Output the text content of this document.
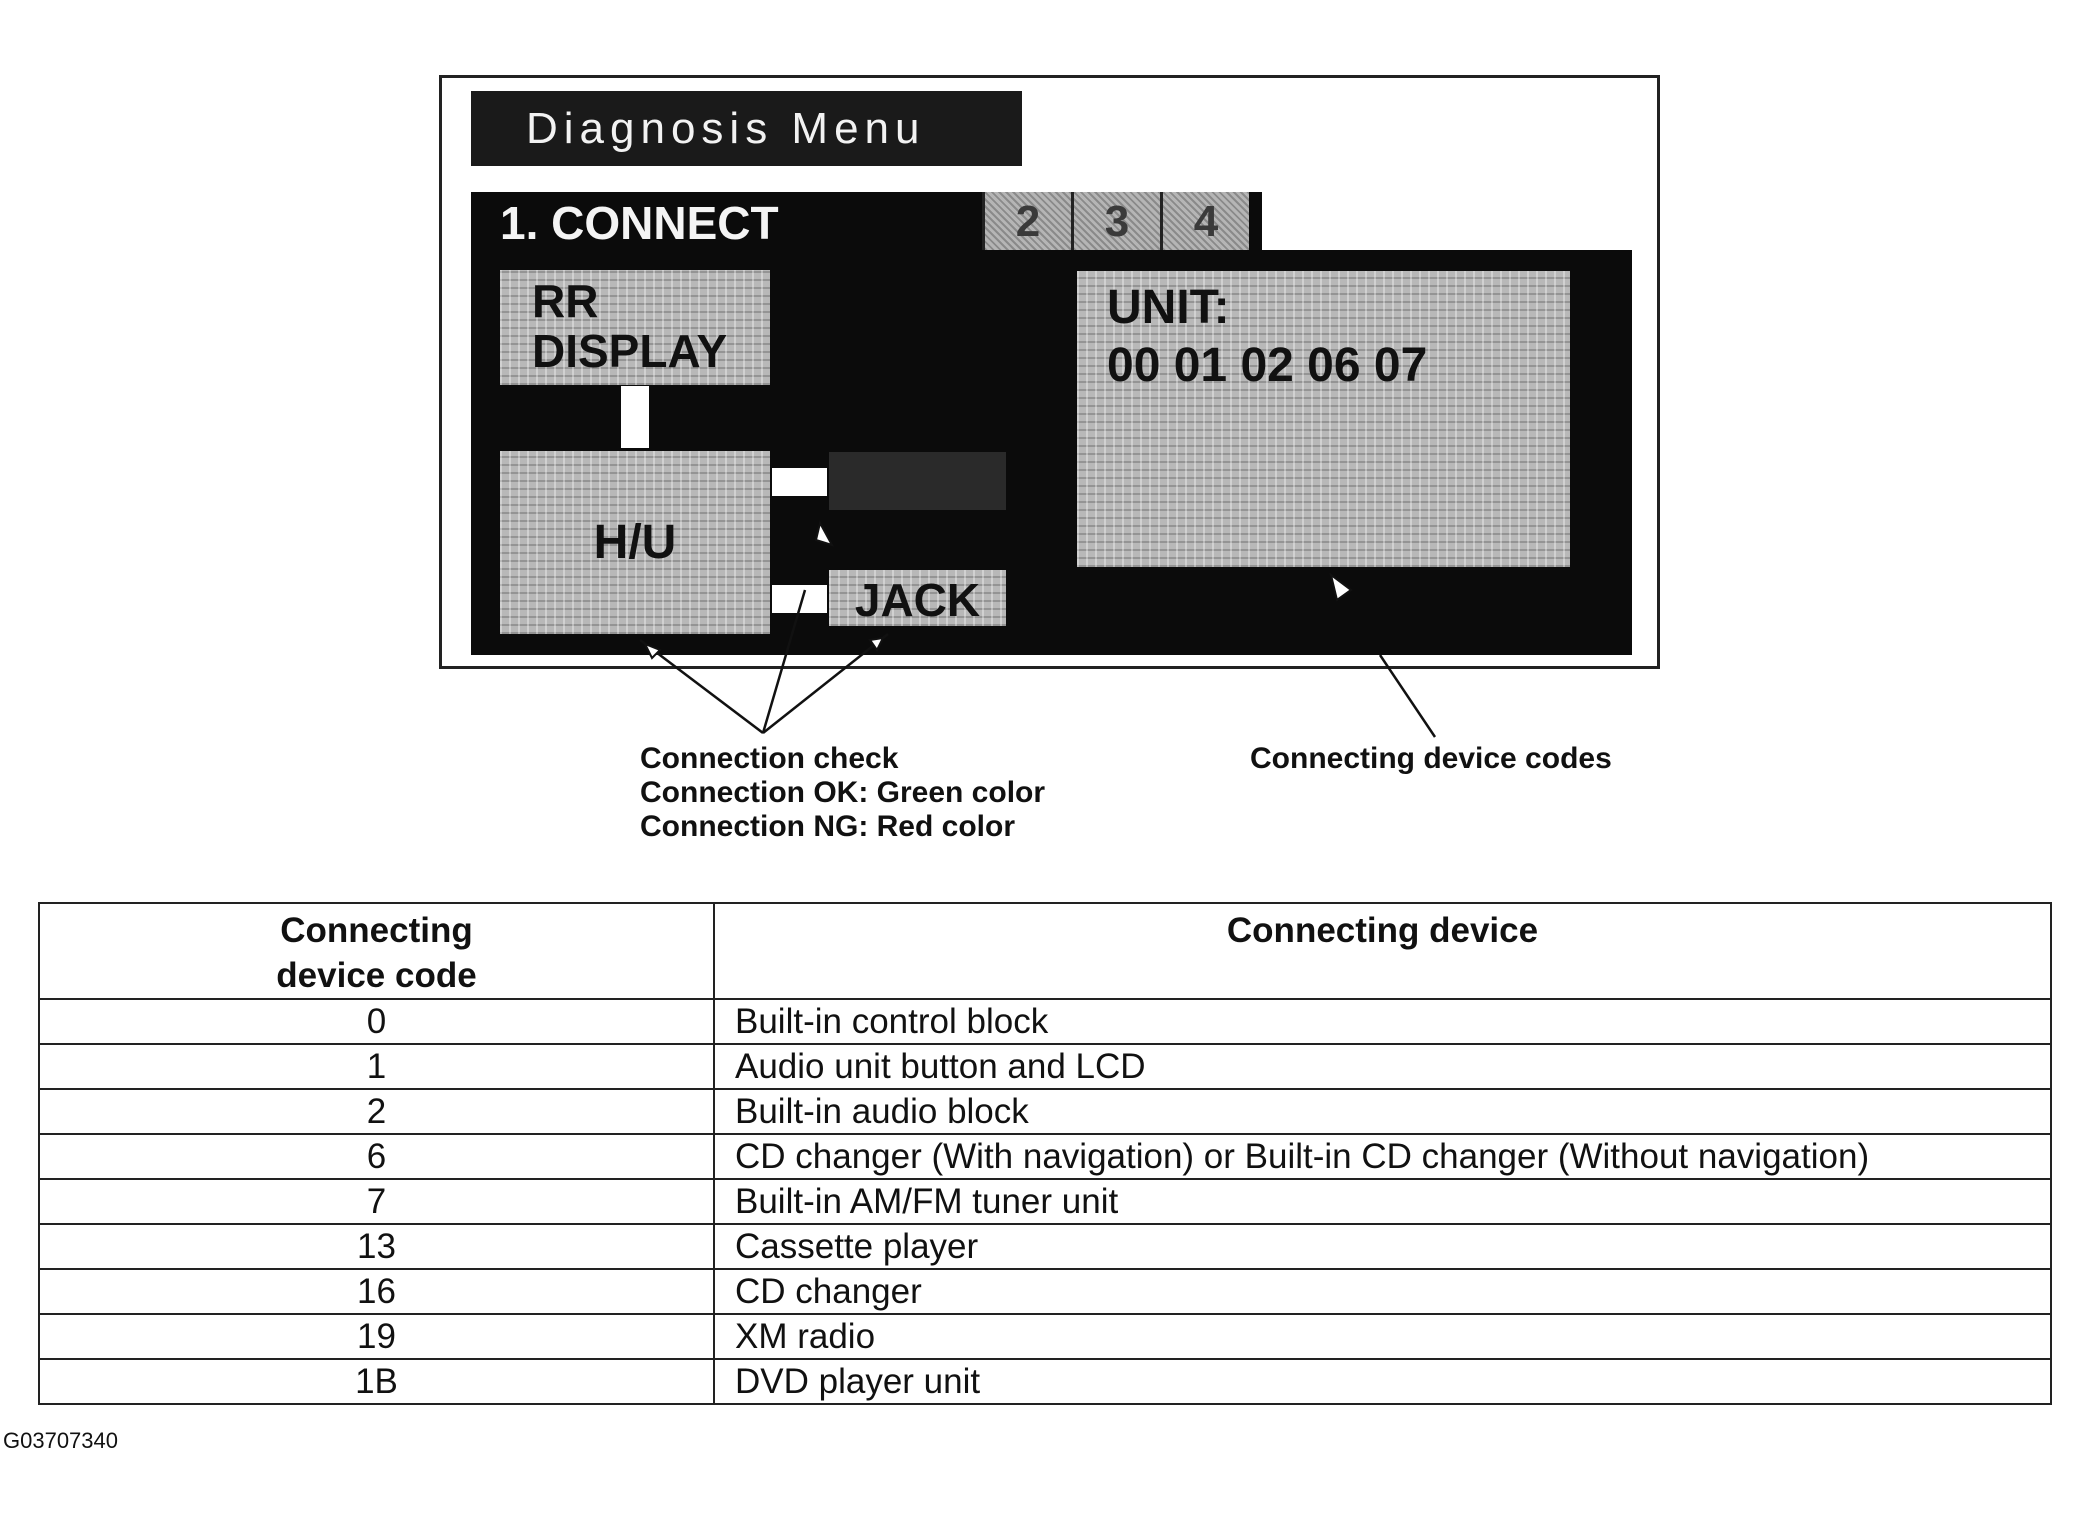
Diagnosis Menu
1. CONNECT	2	3	4
RR
DISPLAY
H/U
JACK
UNIT:
00 01 02 06 07
Connection check
Connection OK: Green color
Connection NG: Red color
Connecting device codes
Connecting
device code	Connecting device
0	Built-in control block
1	Audio unit button and LCD
2	Built-in audio block
6	CD changer (With navigation) or Built-in CD changer (Without navigation)
7	Built-in AM/FM tuner unit
13	Cassette player
16	CD changer
19	XM radio
1B	DVD player unit
G03707340
